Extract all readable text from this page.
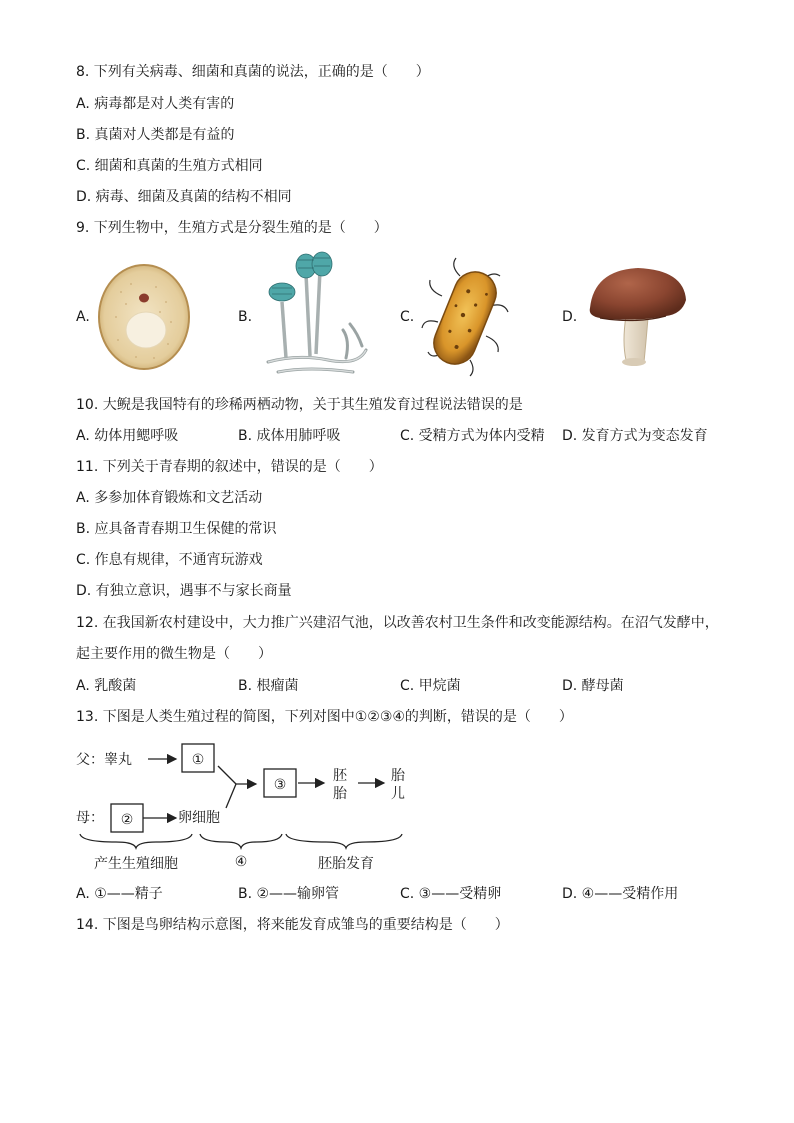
8. 下列有关病毒、细菌和真菌的说法，正确的是（　　）
A. 病毒都是对人类有害的
B. 真菌对人类都是有益的
C. 细菌和真菌的生殖方式相同
D. 病毒、细菌及真菌的结构不相同
9. 下列生物中，生殖方式是分裂生殖的是（　　）
A.	B.	C.	D.
10. 大鲵是我国特有的珍稀两栖动物，关于其生殖发育过程说法错误的是
A. 幼体用鳃呼吸	B. 成体用肺呼吸	C. 受精方式为体内受精 D. 发育方式为变态发育
11. 下列关于青春期的叙述中，错误的是（　　）
A. 多参加体育锻炼和文艺活动
B. 应具备青春期卫生保健的常识
C. 作息有规律，不通宵玩游戏
D. 有独立意识，遇事不与家长商量
12. 在我国新农村建设中，大力推广兴建沼气池，以改善农村卫生条件和改变能源结构。在沼气发酵中，
起主要作用的微生物是（　　）
A. 乳酸菌	B. 根瘤菌	C. 甲烷菌	D. 酵母菌
13. 下图是人类生殖过程的简图，下列对图中①②③④的判断，错误的是（　　）
父：睾丸
母：
①
②
③
胚
胎
胎
儿
产生生殖细胞	④	胚胎发育
卵细胞
A. ①——精子	B. ②——输卵管	C. ③——受精卵	D. ④——受精作用
14. 下图是鸟卵结构示意图，将来能发育成雏鸟的重要结构是（　　）
